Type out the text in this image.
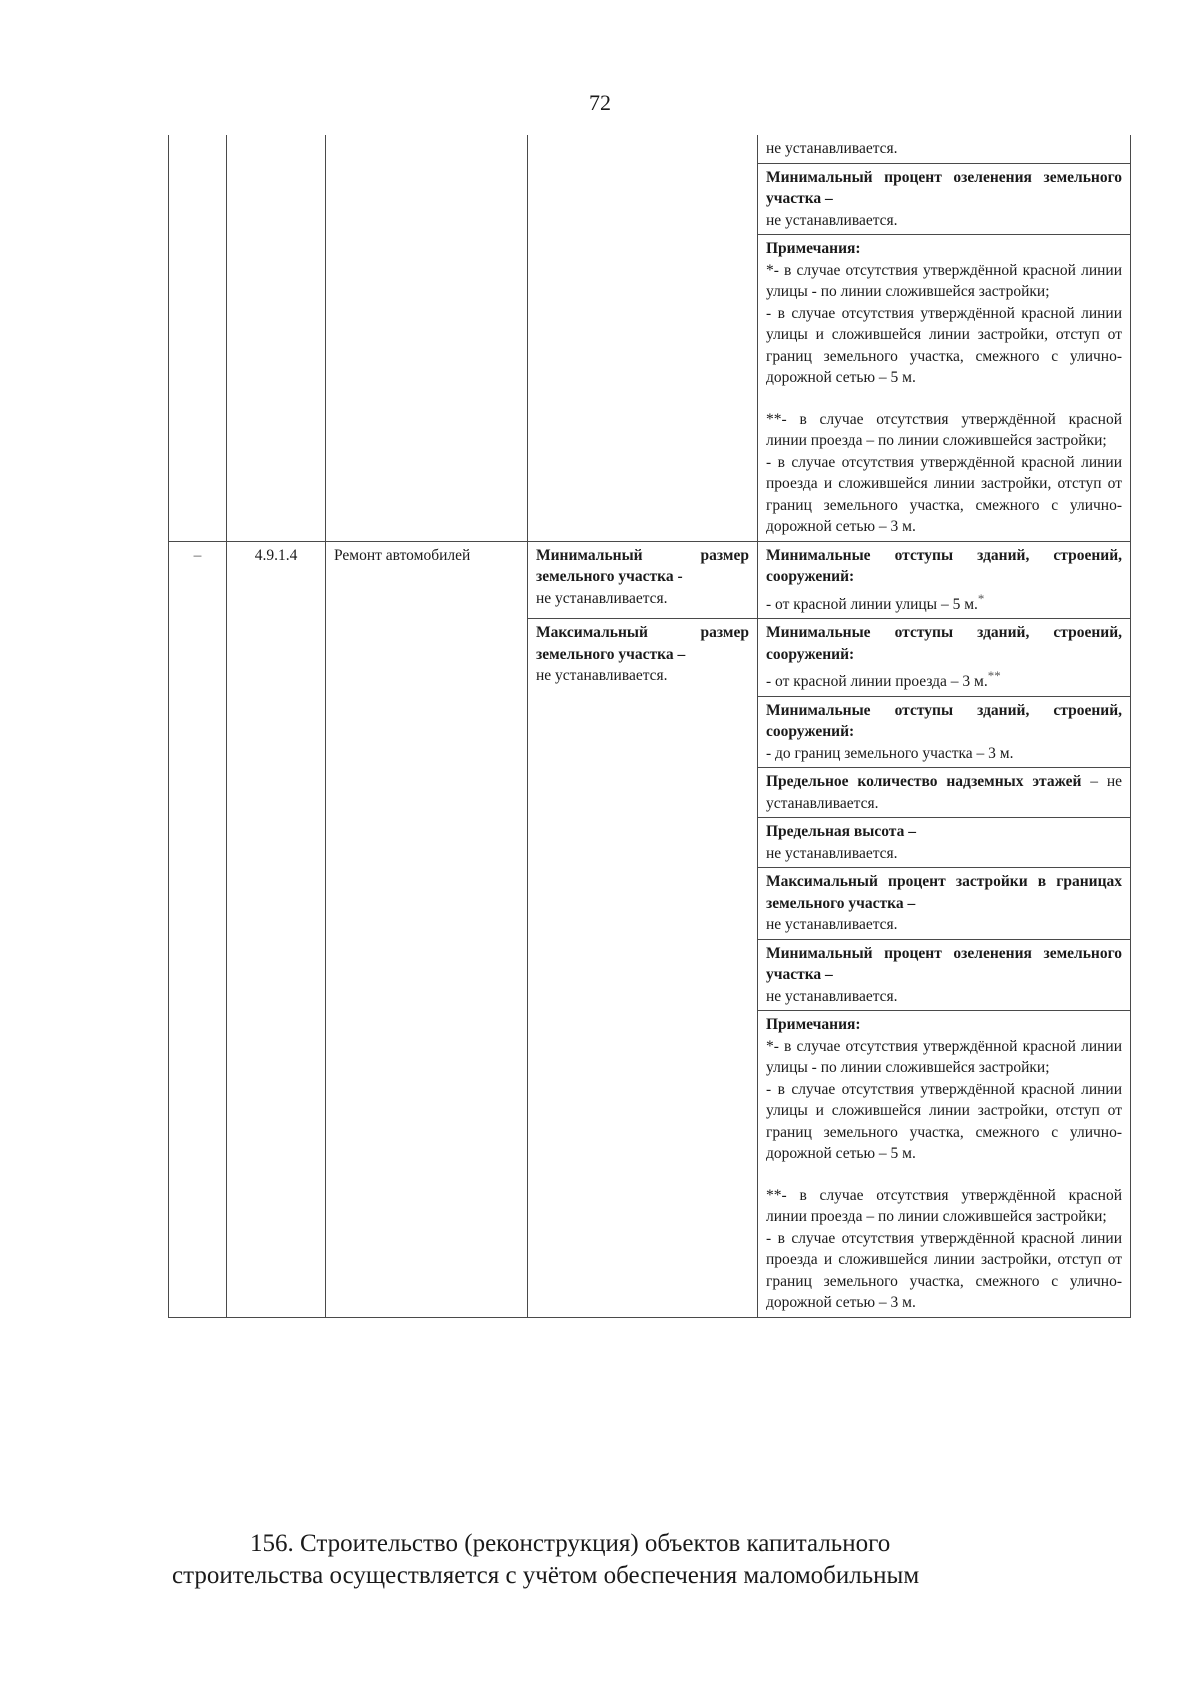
72
				не устанавливается.
				Минимальный процент озеленения земельного участка –
не устанавливается.

				Примечания:
*- в случае отсутствия утверждённой красной линии улицы - по линии сложившейся застройки;
- в случае отсутствия утверждённой красной линии улицы и сложившейся линии застройки, отступ от границ земельного участка, смежного с улично-дорожной сетью – 5 м.
**- в случае отсутствия утверждённой красной линии проезда – по линии сложившейся застройки;
- в случае отсутствия утверждённой красной линии проезда и сложившейся линии застройки, отступ от границ земельного участка, смежного с улично-дорожной сетью – 3 м.

–	4.9.1.4	Ремонт автомобилей	Минимальный размер земельного участка -
не устанавливается.	Минимальные отступы зданий, строений, сооружений:
- от красной линии улицы – 5 м.*
			Максимальный размер земельного участка –
не устанавливается.	Минимальные отступы зданий, строений, сооружений:
- от красной линии проезда – 3 м.**
				Минимальные отступы зданий, строений, сооружений:
- до границ земельного участка – 3 м.
				Предельное количество надземных этажей – не устанавливается.
				Предельная высота –
не устанавливается.
				Максимальный процент застройки в границах земельного участка –
не устанавливается.
				Минимальный процент озеленения земельного участка –
не устанавливается.

				Примечания:
*- в случае отсутствия утверждённой красной линии улицы - по линии сложившейся застройки;
- в случае отсутствия утверждённой красной линии улицы и сложившейся линии застройки, отступ от границ земельного участка, смежного с улично-дорожной сетью – 5 м.
**- в случае отсутствия утверждённой красной линии проезда – по линии сложившейся застройки;
- в случае отсутствия утверждённой красной линии проезда и сложившейся линии застройки, отступ от границ земельного участка, смежного с улично-дорожной сетью – 3 м.
156. Строительство (реконструкция) объектов капитального
строительства осуществляется с учётом обеспечения маломобильным
